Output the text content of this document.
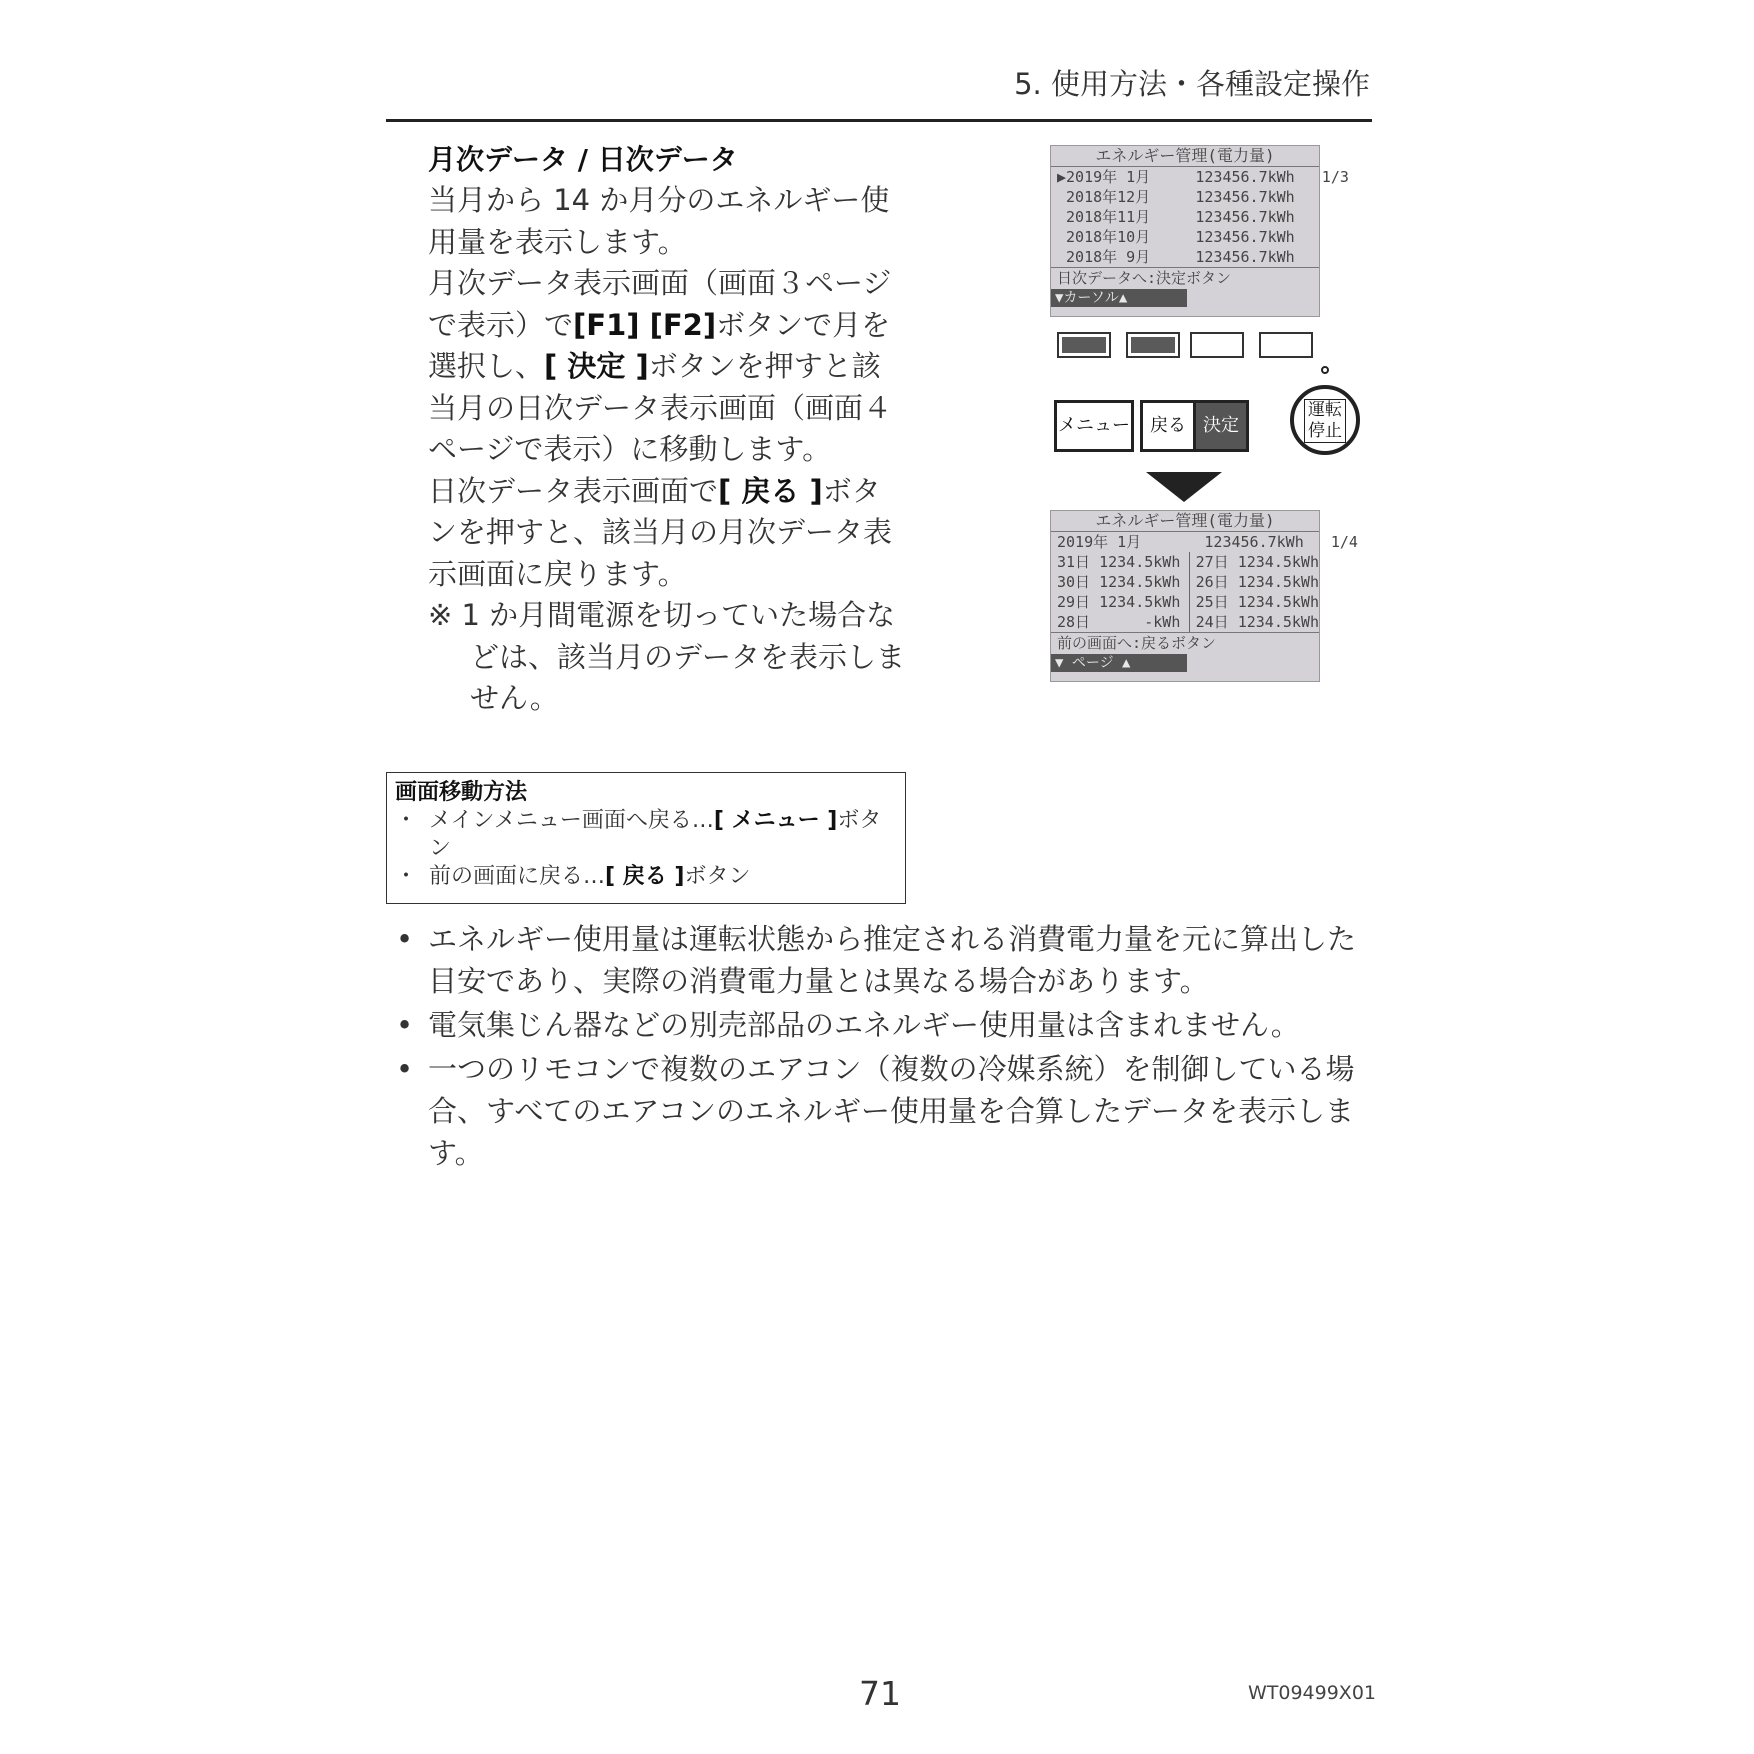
5. 使用方法・各種設定操作
月次データ / 日次データ

当月から 14 か月分のエネルギー使用量を表示します。

月次データ表示画面（画面３ページで表示）で[F1] [F2]ボタンで月を選択し、[ 決定 ]ボタンを押すと該当月の日次データ表示画面（画面４ページで表示）に移動します。

日次データ表示画面で[ 戻る ]ボタンを押すと、該当月の月次データ表示画面に戻ります。

※ 1 か月間電源を切っていた場合などは、該当月のデータを表示しません。

エネルギー管理(電力量)
▶2019年 1月     123456.7kWh   1/3
2018年12月     123456.7kWh
2018年11月     123456.7kWh
2018年10月     123456.7kWh
2018年 9月     123456.7kWh
日次データへ:決定ボタン
▼カーソル▲
メニュー	戻る 決定
運転
停止
エネルギー管理(電力量)
2019年 1月       123456.7kWh   1/4
31日 1234.5kWh
30日 1234.5kWh
29日 1234.5kWh
28日      -kWh
27日 1234.5kWh
26日 1234.5kWh
25日 1234.5kWh
24日 1234.5kWh
前の画面へ:戻るボタン
▼ ページ ▲
画面移動方法
・ メインメニュー画面へ戻る…[ メニュー ]ボタン
・ 前の画面に戻る…[ 戻る ]ボタン
• エネルギー使用量は運転状態から推定される消費電力量を元に算出した目安であり、実際の消費電力量とは異なる場合があります。
• 電気集じん器などの別売部品のエネルギー使用量は含まれません。
• 一つのリモコンで複数のエアコン（複数の冷媒系統）を制御している場合、すべてのエアコンのエネルギー使用量を合算したデータを表示します。
71	WT09499X01
